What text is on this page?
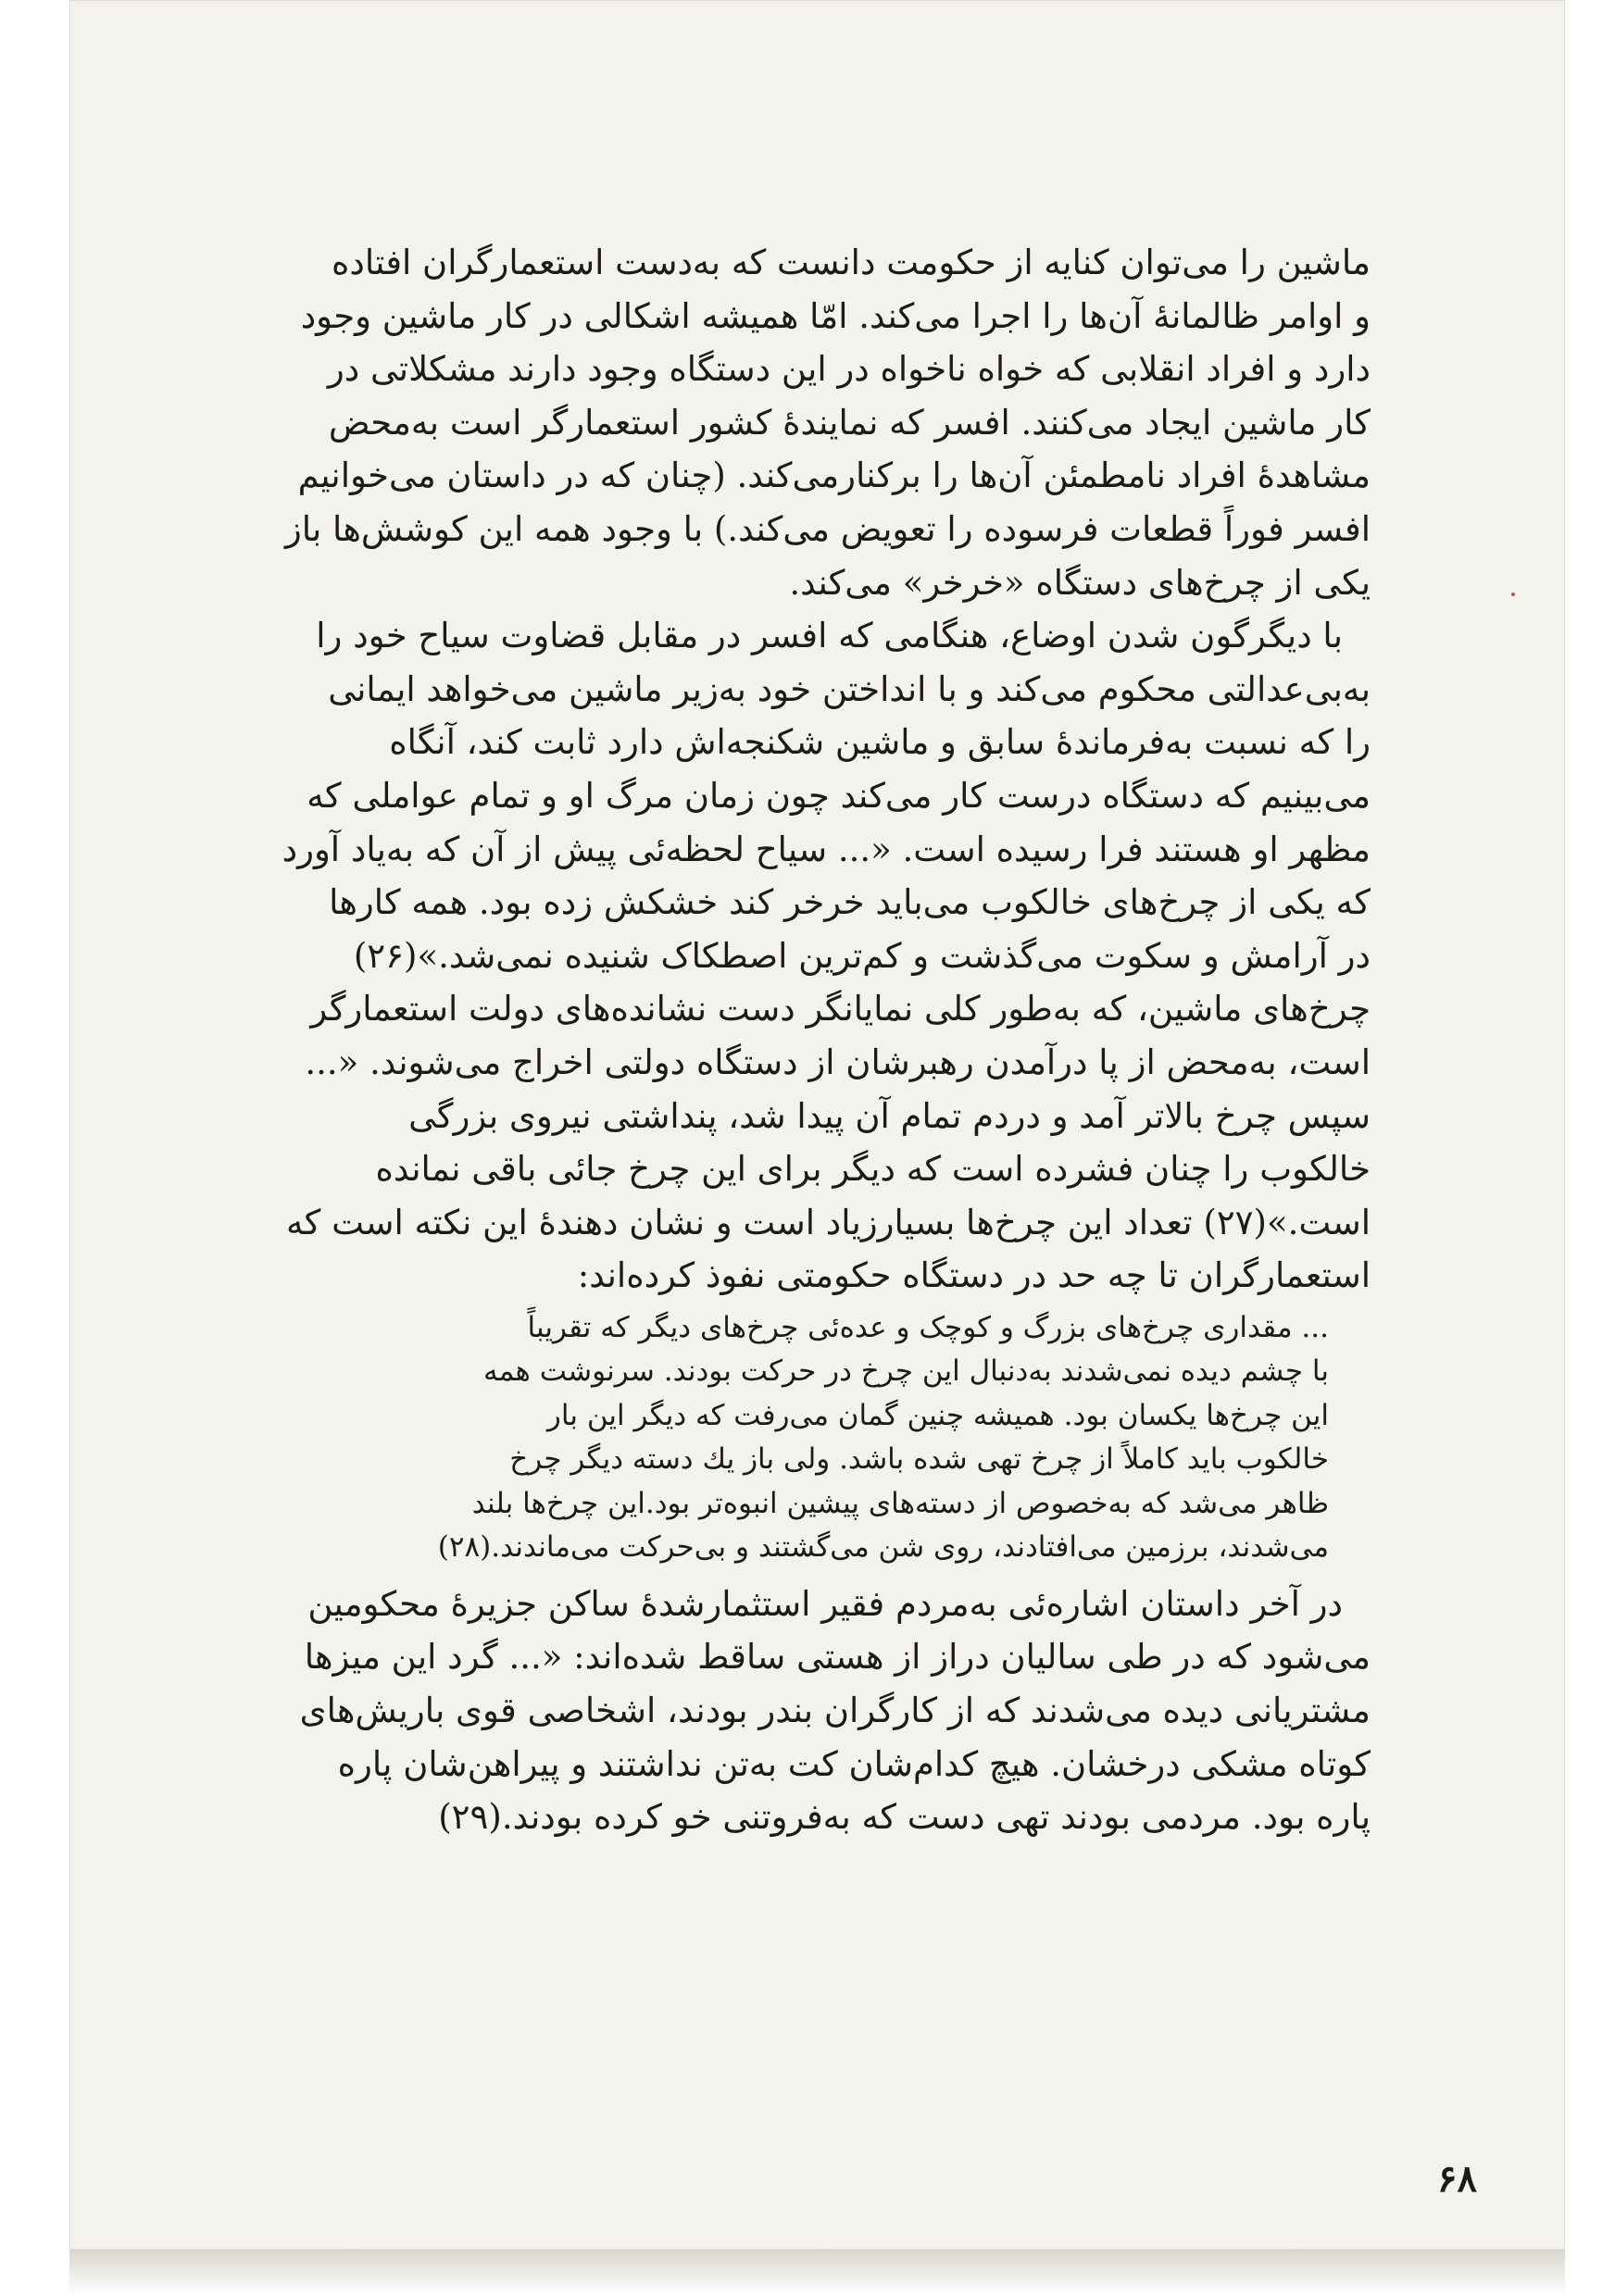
ماشین را می‌توان کنایه از حکومت دانست که به‌دست استعمارگران افتاده

و اوامر ظالمانهٔ آن‌ها را اجرا می‌کند. امّا همیشه اشکالی در کار ماشین وجود

دارد و افراد انقلابی که خواه ناخواه در این دستگاه وجود دارند مشکلاتی در

کار ماشین ایجاد می‌کنند. افسر که نمایندهٔ کشور استعمارگر است به‌محض

مشاهدهٔ افراد نامطمئن آن‌ها را برکنارمی‌کند. (چنان که در داستان می‌خوانیم

افسر فوراً قطعات فرسوده را تعویض می‌کند.) با وجود همه این کوشش‌ها باز

یکی از چرخ‌های دستگاه «خرخر» می‌کند.

با دیگرگون شدن اوضاع، هنگامی که افسر در مقابل قضاوت سیاح خود را

به‌بی‌عدالتی محکوم می‌کند و با انداختن خود به‌زیر ماشین می‌خواهد ایمانی

را که نسبت به‌فرماندهٔ سابق و ماشین شکنجه‌اش دارد ثابت کند، آنگاه

می‌بینیم که دستگاه درست کار می‌کند چون زمان مرگ او و تمام عواملی که

مظهر او هستند فرا رسیده است. «... سیاح لحظه‌ئی پیش از آن که به‌یاد آورد

که یکی از چرخ‌های خالکوب می‌باید خرخر کند خشکش زده بود. همه کارها

در آرامش و سکوت می‌گذشت و کم‌ترین اصطکاک شنیده نمی‌شد.»(۲۶)

چرخ‌های ماشین، که به‌طور کلی نمایانگر دست نشانده‌های دولت استعمارگر

است، به‌محض از پا درآمدن رهبرشان از دستگاه دولتی اخراج می‌شوند. «...

سپس چرخ بالاتر آمد و دردم تمام آن پیدا شد، پنداشتی نیروی بزرگی

خالکوب را چنان فشرده است که دیگر برای این چرخ جائی باقی نمانده

است.»(۲۷) تعداد این چرخ‌ها بسیارزیاد است و نشان دهندهٔ این نکته است که

استعمارگران تا چه حد در دستگاه حکومتی نفوذ کرده‌اند:

... مقداری چرخ‌های بزرگ و کوچک و عده‌ئی چرخ‌های دیگر که تقریباً

با چشم دیده نمی‌شدند به‌دنبال این چرخ در حرکت بودند. سرنوشت همه

این چرخ‌ها یکسان بود. همیشه چنین گمان می‌رفت که دیگر این بار

خالکوب باید کاملاً از چرخ تهی شده باشد. ولی باز یك دسته دیگر چرخ

ظاهر می‌شد که به‌خصوص از دسته‌های پیشین انبوه‌تر بود.این چرخ‌ها بلند

می‌شدند، برزمین می‌افتادند، روی شن می‌گشتند و بی‌حرکت می‌ماندند.(۲۸)

در آخر داستان اشاره‌ئی به‌مردم فقیر استثمارشدهٔ ساکن جزیرهٔ محکومین

می‌شود که در طی سالیان دراز از هستی ساقط شده‌اند: «... گرد این میزها

مشتریانی دیده می‌شدند که از کارگران بندر بودند، اشخاصی قوی باریش‌های

کوتاه مشکی درخشان. هیچ کدام‌شان کت به‌تن نداشتند و پیراهن‌شان پاره

پاره بود. مردمی بودند تهی دست که به‌فروتنی خو کرده بودند.(۲۹)

۶۸
